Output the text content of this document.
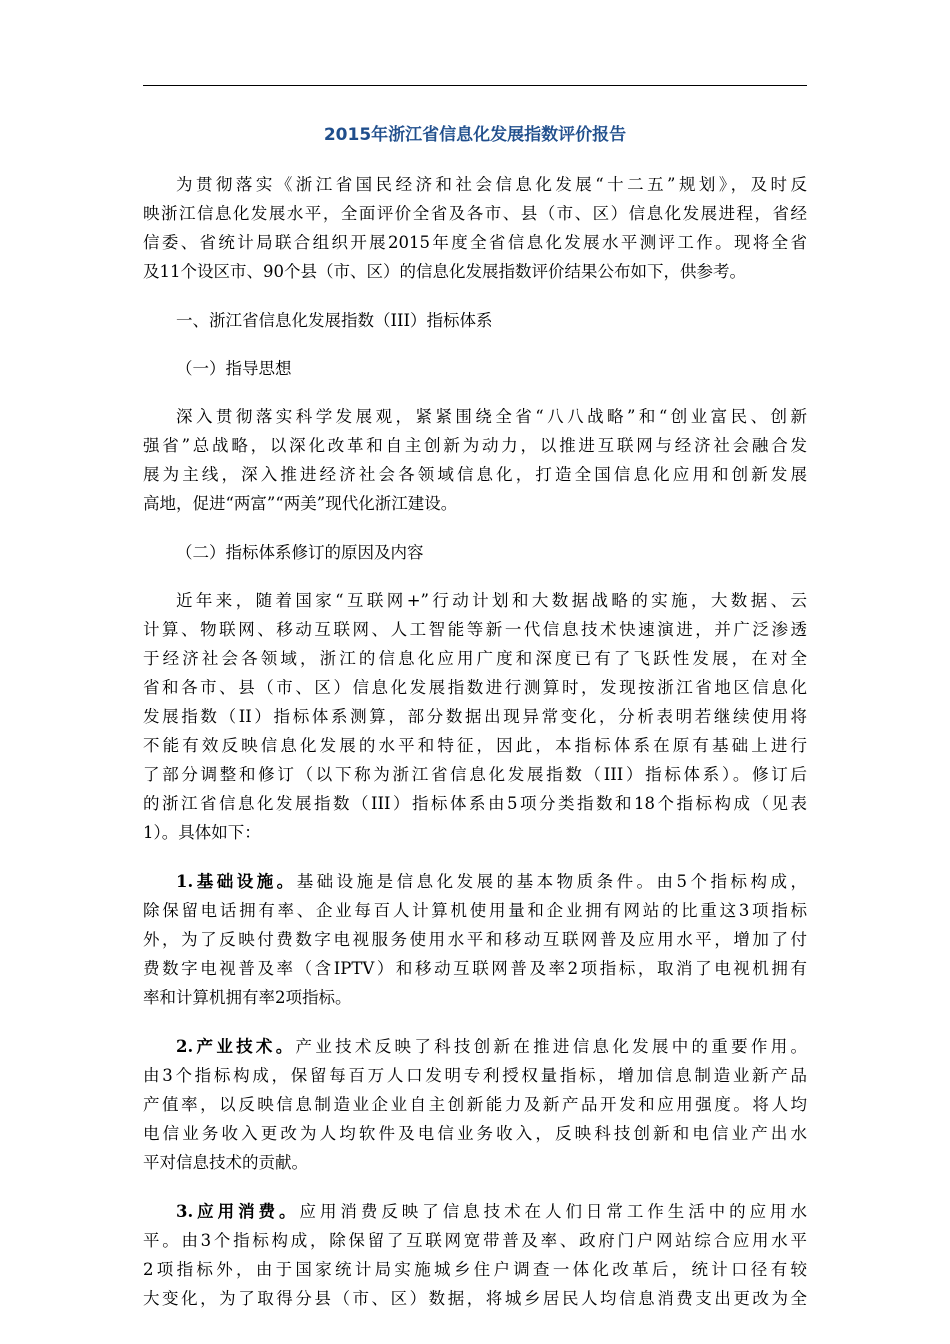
2015年浙江省信息化发展指数评价报告
为贯彻落实《浙江省国民经济和社会信息化发展“十二五”规划》，及时反
映浙江信息化发展水平，全面评价全省及各市、县（市、区）信息化发展进程，省经
信委、省统计局联合组织开展2015年度全省信息化发展水平测评工作。现将全省
及11个设区市、90个县（市、区）的信息化发展指数评价结果公布如下，供参考。
一、浙江省信息化发展指数（III）指标体系
（一）指导思想
深入贯彻落实科学发展观，紧紧围绕全省“八八战略”和“创业富民、创新
强省”总战略，以深化改革和自主创新为动力，以推进互联网与经济社会融合发
展为主线，深入推进经济社会各领域信息化，打造全国信息化应用和创新发展
高地，促进“两富”“两美”现代化浙江建设。
（二）指标体系修订的原因及内容
近年来，随着国家“互联网+”行动计划和大数据战略的实施，大数据、云
计算、物联网、移动互联网、人工智能等新一代信息技术快速演进，并广泛渗透
于经济社会各领域，浙江的信息化应用广度和深度已有了飞跃性发展，在对全
省和各市、县（市、区）信息化发展指数进行测算时，发现按浙江省地区信息化
发展指数（II）指标体系测算，部分数据出现异常变化，分析表明若继续使用将
不能有效反映信息化发展的水平和特征，因此，本指标体系在原有基础上进行
了部分调整和修订（以下称为浙江省信息化发展指数（III）指标体系）。修订后
的浙江省信息化发展指数（III）指标体系由5项分类指数和18个指标构成（见表
1）。具体如下：
1.基础设施。基础设施是信息化发展的基本物质条件。由5个指标构成，
除保留电话拥有率、企业每百人计算机使用量和企业拥有网站的比重这3项指标
外，为了反映付费数字电视服务使用水平和移动互联网普及应用水平，增加了付
费数字电视普及率（含IPTV）和移动互联网普及率2项指标，取消了电视机拥有
率和计算机拥有率2项指标。
2.产业技术。产业技术反映了科技创新在推进信息化发展中的重要作用。
由3个指标构成，保留每百万人口发明专利授权量指标，增加信息制造业新产品
产值率，以反映信息制造业企业自主创新能力及新产品开发和应用强度。将人均
电信业务收入更改为人均软件及电信业务收入，反映科技创新和电信业产出水
平对信息技术的贡献。
3.应用消费。应用消费反映了信息技术在人们日常工作生活中的应用水
平。由3个指标构成，除保留了互联网宽带普及率、政府门户网站综合应用水平
2项指标外，由于国家统计局实施城乡住户调查一体化改革后，统计口径有较
大变化，为了取得分县（市、区）数据，将城乡居民人均信息消费支出更改为全
